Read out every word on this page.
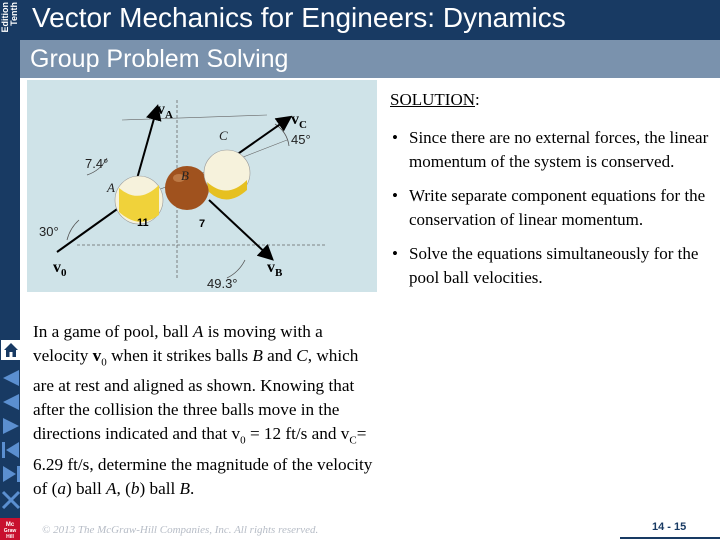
Tenth
Edition Vector Mechanics for Engineers: Dynamics
Group Problem Solving
Mc
Graw
Hill
11	7
$v_A$	$v_C$
$v_0$	$v_B$
7.4°
45°
30°
49.3°
A
B
C
In a game of pool, ball A is moving with a velocity $v_0$ when it strikes balls B and C, which are at rest and aligned as shown. Knowing that after the collision the three balls move in the directions indicated and that $v_0 = 12$ ft/s and $v_C= 6.29$ ft/s, determine the magnitude of the velocity of (a) ball A, (b) ball B.
SOLUTION:
• Since there are no external forces, the linear momentum of the system is conserved.
• Write separate component equations for the conservation of linear momentum.
• Solve the equations simultaneously for the pool ball velocities.
© 2013 The McGraw-Hill Companies, Inc. All rights reserved.	14 - 15
